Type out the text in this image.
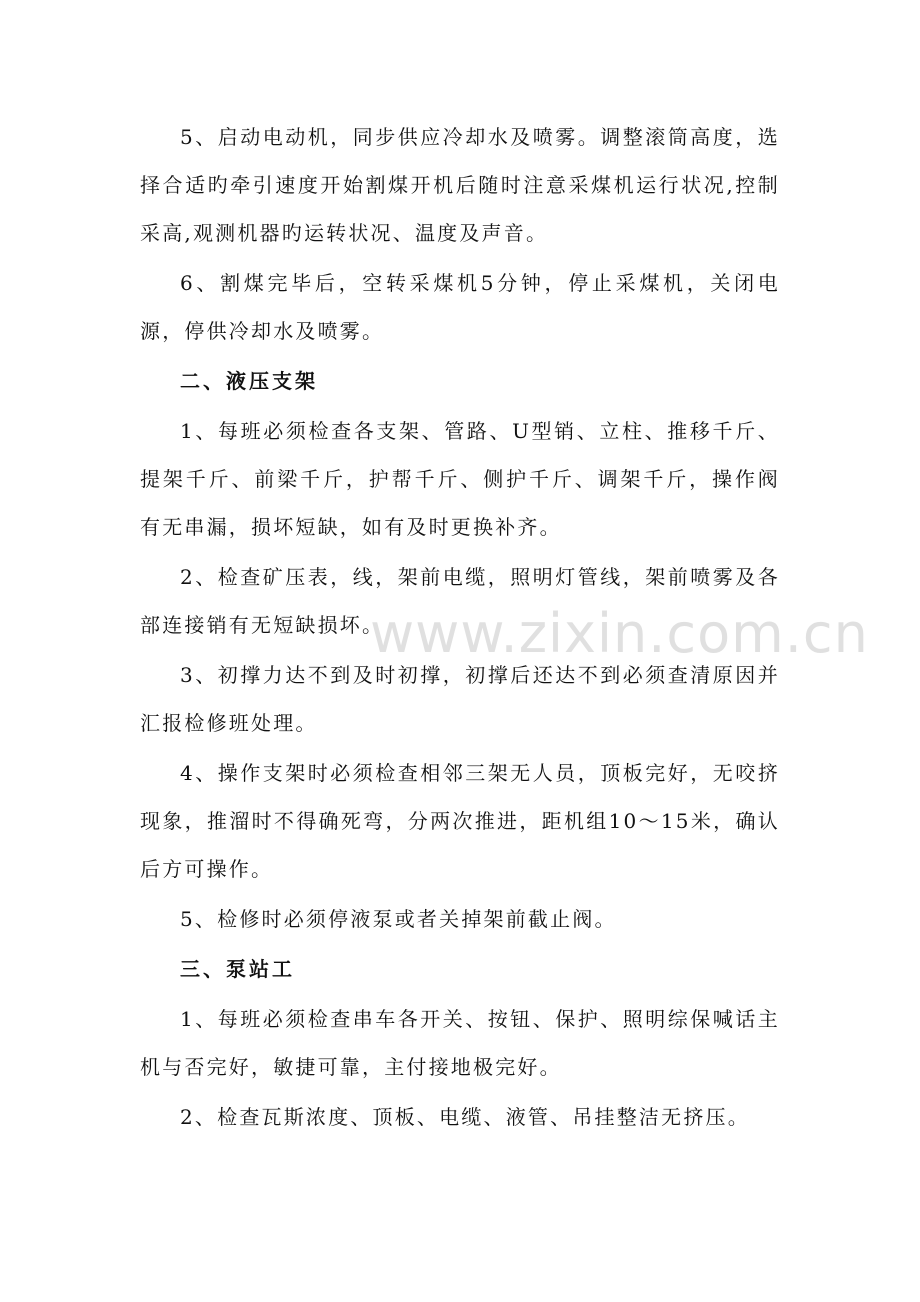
5、启动电动机，同步供应冷却水及喷雾。调整滚筒高度，选择合适旳牵引速度开始割煤开机后随时注意采煤机运行状况,控制采高,观测机器旳运转状况、温度及声音。

6、割煤完毕后，空转采煤机5分钟，停止采煤机，关闭电源，停供冷却水及喷雾。

二、液压支架

1、每班必须检查各支架、管路、U型销、立柱、推移千斤、提架千斤、前梁千斤，护帮千斤、侧护千斤、调架千斤，操作阀有无串漏，损坏短缺，如有及时更换补齐。

2、检查矿压表，线，架前电缆，照明灯管线，架前喷雾及各部连接销有无短缺损坏。

3、初撑力达不到及时初撑，初撑后还达不到必须查清原因并汇报检修班处理。

4、操作支架时必须检查相邻三架无人员，顶板完好，无咬挤现象，推溜时不得确死弯，分两次推进，距机组10～15米，确认后方可操作。

5、检修时必须停液泵或者关掉架前截止阀。

三、泵站工

1、每班必须检查串车各开关、按钮、保护、照明综保喊话主机与否完好，敏捷可靠，主付接地极完好。

2、检查瓦斯浓度、顶板、电缆、液管、吊挂整洁无挤压。

www.zixin.com.cn
